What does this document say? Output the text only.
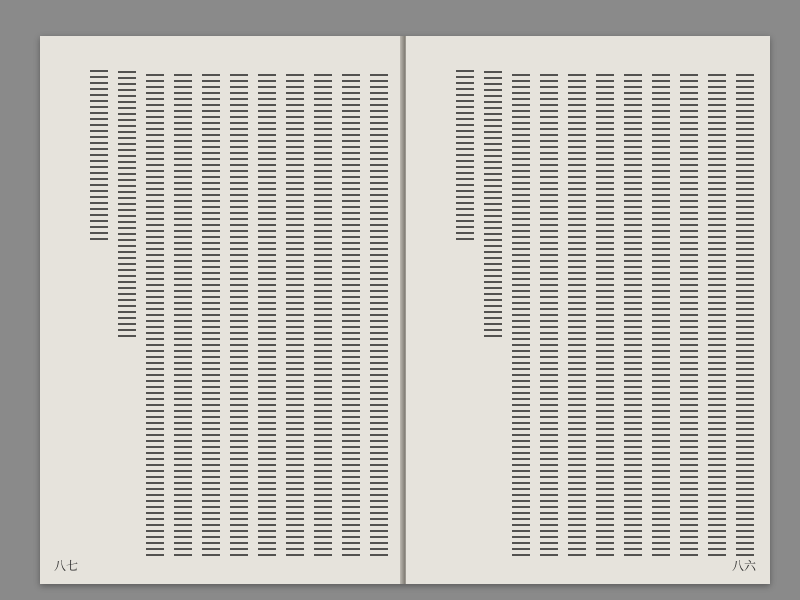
八七	八六
